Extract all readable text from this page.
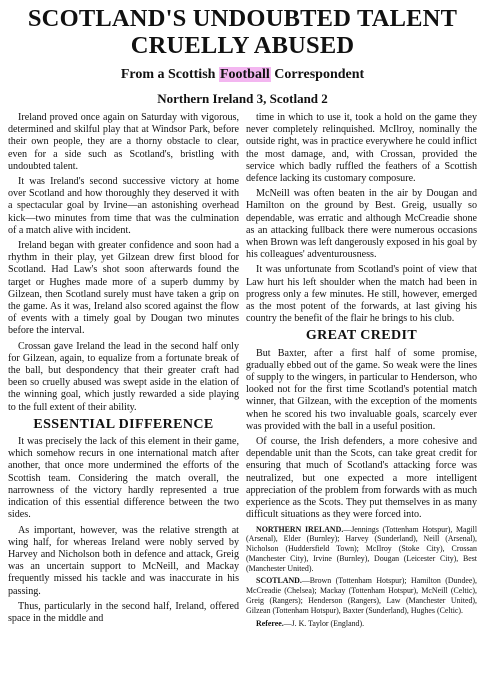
SCOTLAND'S UNDOUBTED TALENT
CRUELLY ABUSED
From a Scottish Football Correspondent
Northern Ireland 3, Scotland 2

Ireland proved once again on Saturday with vigorous, determined and skilful play that at Windsor Park, before their own people, they are a thorny obstacle to clear, even for a side such as Scotland's, bristling with undoubted talent.

It was Ireland's second successive victory at home over Scotland and how thoroughly they deserved it with a spectacular goal by Irvine—an astonishing overhead kick—two minutes from time that was the culmination of a match alive with incident.

Ireland began with greater confidence and soon had a rhythm in their play, yet Gilzean drew first blood for Scotland. Had Law's shot soon afterwards found the target or Hughes made more of a superb dummy by Gilzean, then Scotland surely must have taken a grip on the game. As it was, Ireland also scored against the flow of events with a timely goal by Dougan two minutes before the interval.

Crossan gave Ireland the lead in the second half only for Gilzean, again, to equalize from a fortunate break of the ball, but despondency that their greater craft had been so cruelly abused was swept aside in the elation of the winning goal, which justly rewarded a side playing to the full extent of their ability.

ESSENTIAL DIFFERENCE

It was precisely the lack of this element in their game, which somehow recurs in one international match after another, that once more undermined the efforts of the Scottish team. Considering the match overall, the narrowness of the victory hardly represented a true indication of this essential difference between the two sides.

As important, however, was the relative strength at wing half, for whereas Ireland were nobly served by Harvey and Nicholson both in defence and attack, Greig was an uncertain support to McNeill, and Mackay frequently missed his tackle and was inaccurate in his passing.

Thus, particularly in the second half, Ireland, offered space in the middle and

time in which to use it, took a hold on the game they never completely relinquished. McIlroy, nominally the outside right, was in practice everywhere he could inflict the most damage, and, with Crossan, provided the service which badly ruffled the feathers of a Scottish defence lacking its customary composure.

McNeill was often beaten in the air by Dougan and Hamilton on the ground by Best. Greig, usually so dependable, was erratic and although McCreadie shone as an attacking fullback there were numerous occasions when Brown was left dangerously exposed in his goal by his colleagues' adventurousness.

It was unfortunate from Scotland's point of view that Law hurt his left shoulder when the match had been in progress only a few minutes. He still, however, emerged as the most potent of the forwards, at last giving his country the benefit of the flair he brings to his club.

GREAT CREDIT

But Baxter, after a first half of some promise, gradually ebbed out of the game. So weak were the lines of supply to the wingers, in particular to Henderson, who looked not for the first time Scotland's potential match winner, that Gilzean, with the exception of the moments when he scored his two invaluable goals, scarcely ever was provided with the ball in a useful position.

Of course, the Irish defenders, a more cohesive and dependable unit than the Scots, can take great credit for ensuring that much of Scotland's attacking force was neutralized, but one expected a more intelligent appreciation of the problem from forwards with as much experience as the Scots. They put themselves in as many difficult situations as they were forced into.

NORTHERN IRELAND.—Jennings (Tottenham Hotspur), Magill (Arsenal), Elder (Burnley); Harvey (Sunderland), Neill (Arsenal), Nicholson (Huddersfield Town); McIlroy (Stoke City), Crossan (Manchester City), Irvine (Burnley), Dougan (Leicester City), Best (Manchester United).

SCOTLAND.—Brown (Tottenham Hotspur); Hamilton (Dundee), McCreadie (Chelsea); Mackay (Tottenham Hotspur), McNeill (Celtic), Greig (Rangers); Henderson (Rangers), Law (Manchester United), Gilzean (Tottenham Hotspur), Baxter (Sunderland), Hughes (Celtic).

Referee.—J. K. Taylor (England).
